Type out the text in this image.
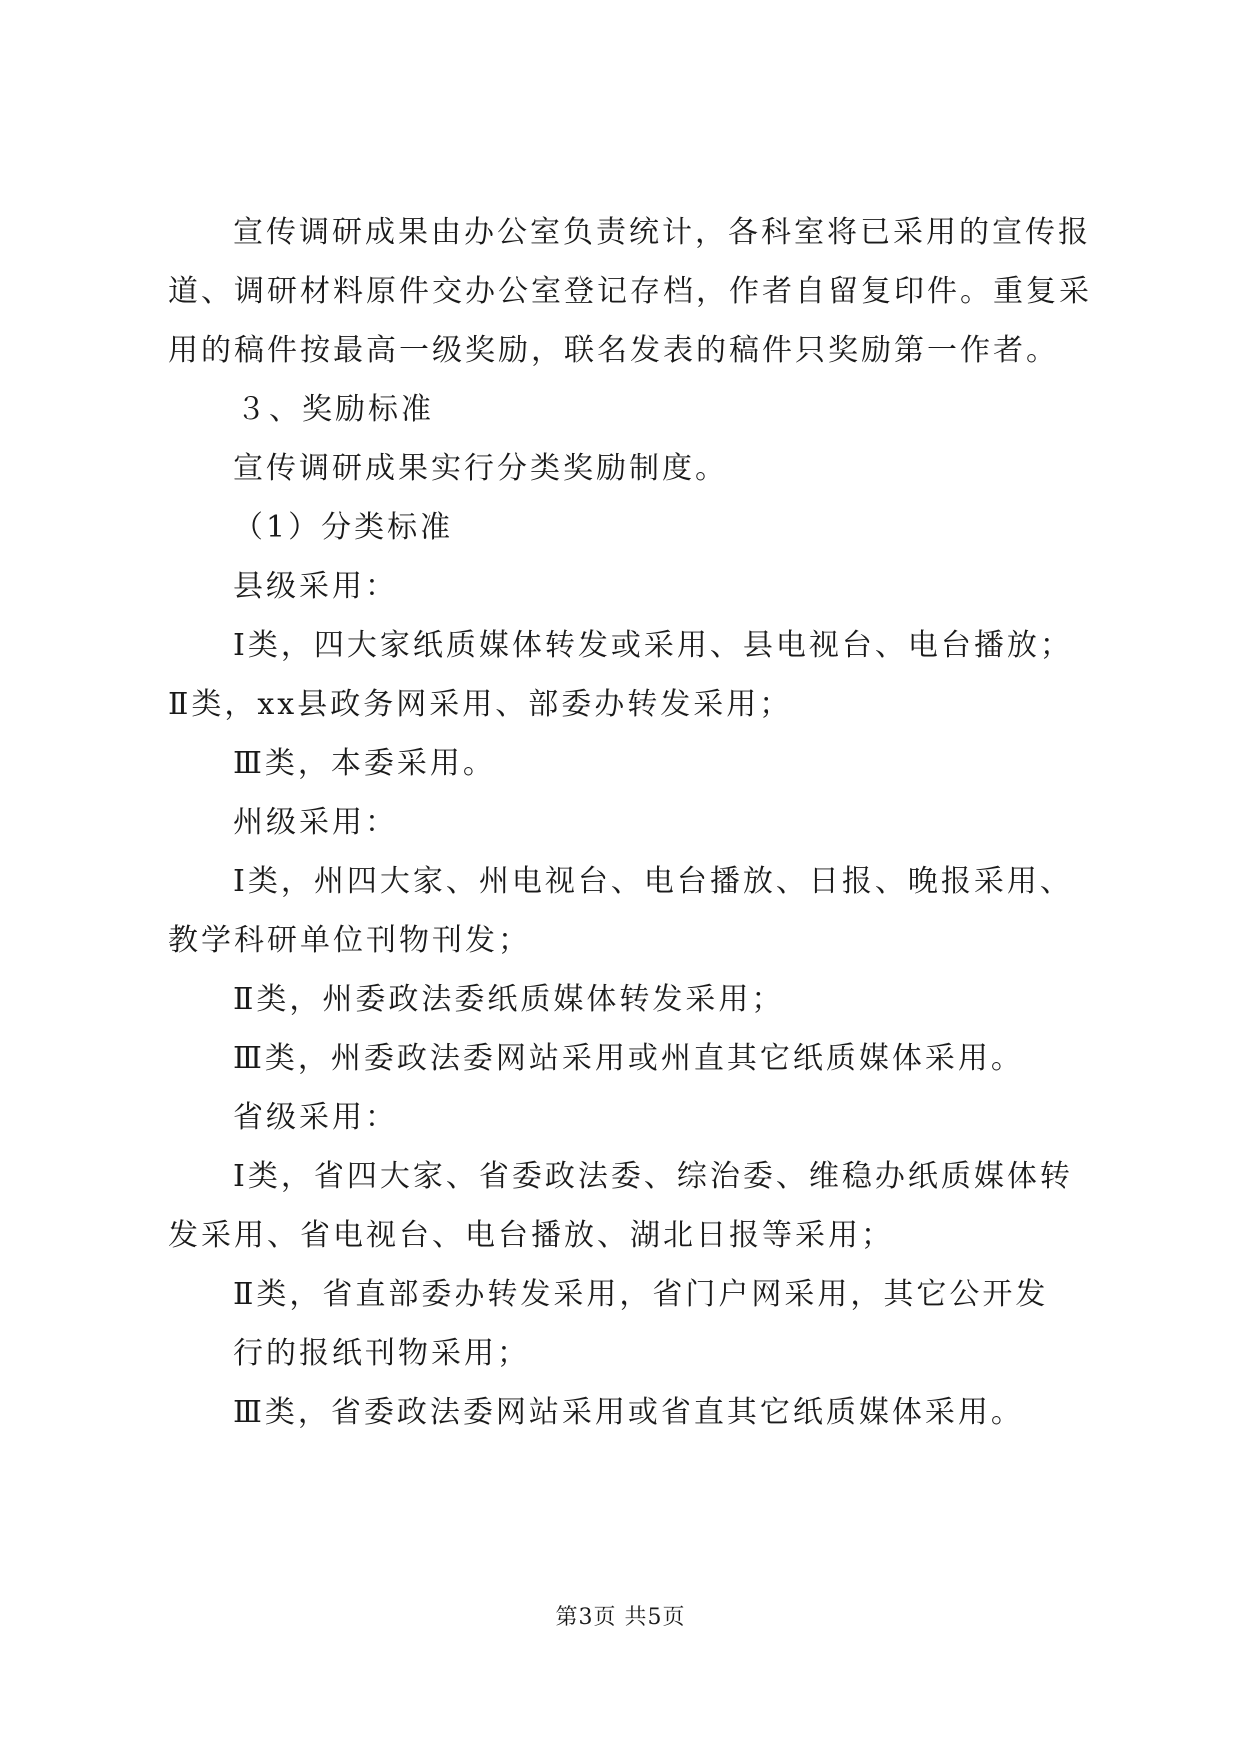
宣传调研成果由办公室负责统计，各科室将已采用的宣传报
道、调研材料原件交办公室登记存档，作者自留复印件。重复采
用的稿件按最高一级奖励，联名发表的稿件只奖励第一作者。
３、奖励标准
宣传调研成果实行分类奖励制度。
（1）分类标准
县级采用：
Ⅰ类，四大家纸质媒体转发或采用、县电视台、电台播放；
Ⅱ类，xx县政务网采用、部委办转发采用；
Ⅲ类，本委采用。
州级采用：
Ⅰ类，州四大家、州电视台、电台播放、日报、晚报采用、
教学科研单位刊物刊发；
Ⅱ类，州委政法委纸质媒体转发采用；
Ⅲ类，州委政法委网站采用或州直其它纸质媒体采用。
省级采用：
Ⅰ类，省四大家、省委政法委、综治委、维稳办纸质媒体转
发采用、省电视台、电台播放、湖北日报等采用；
Ⅱ类，省直部委办转发采用，省门户网采用，其它公开发
行的报纸刊物采用；
Ⅲ类，省委政法委网站采用或省直其它纸质媒体采用。
第3页 共5页
